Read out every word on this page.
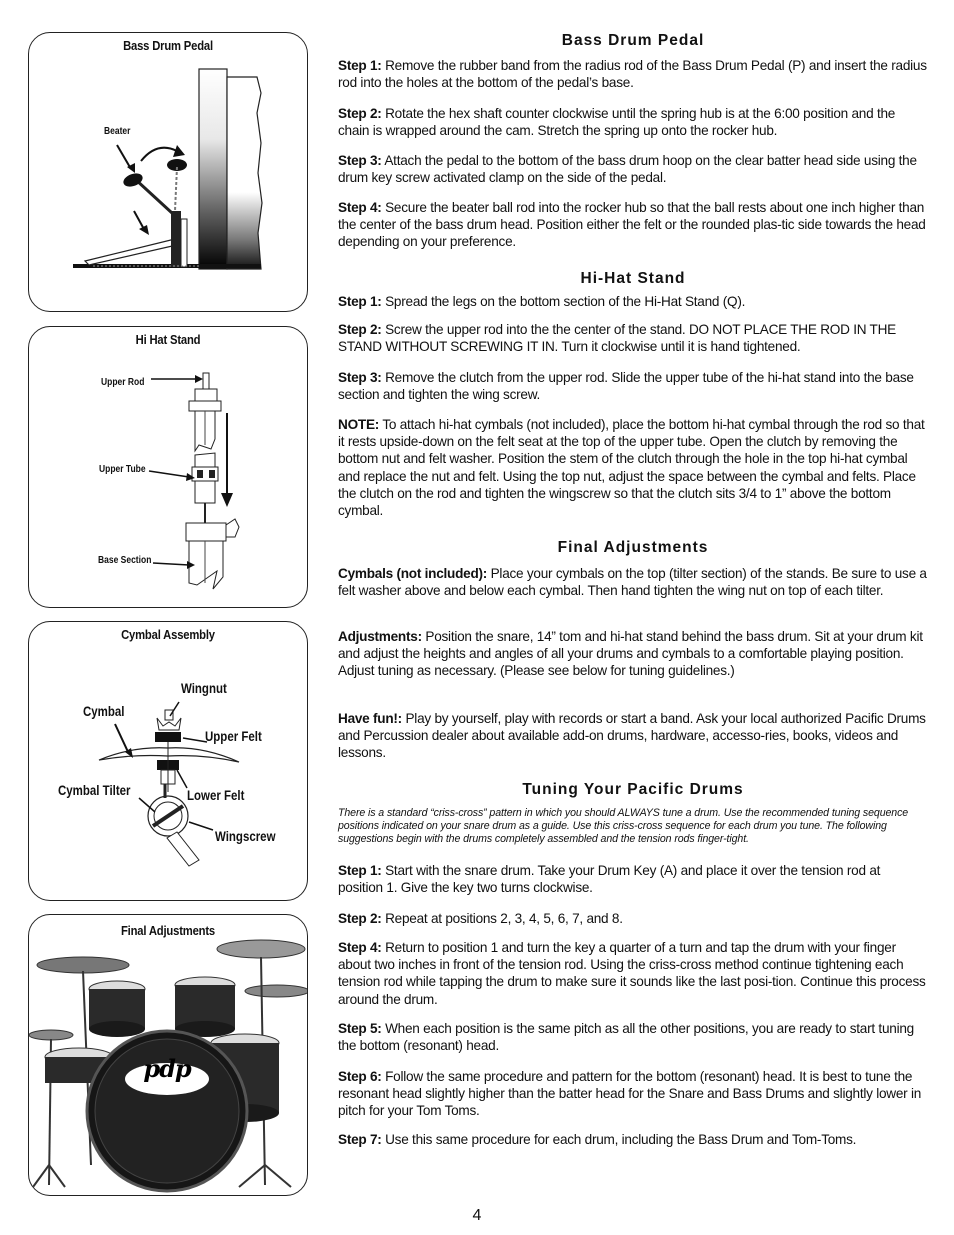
Bass Drum Pedal
Beater
Hi Hat Stand
Upper Rod
Upper Tube
Base Section
Cymbal Assembly
Wingnut
Cymbal
Upper Felt
Cymbal Tilter	Lower Felt
Wingscrew
Final Adjustments
pdp
Bass Drum Pedal

Step 1: Remove the rubber band from the radius rod of the Bass Drum Pedal (P) and insert the radius rod into the holes at the bottom of the pedal’s base.

Step 2: Rotate the hex shaft counter clockwise until the spring hub is at the 6:00 position and the chain is wrapped around the cam. Stretch the spring up onto the rocker hub.

Step 3: Attach the pedal to the bottom of the bass drum hoop on the clear batter head side using the drum key screw activated clamp on the side of the pedal.

Step 4: Secure the beater ball rod into the rocker hub so that the ball rests about one inch higher than the center of the bass drum head. Position either the felt or the rounded plas-tic side towards the head depending on your preference.

Hi-Hat Stand

Step 1: Spread the legs on the bottom section of the Hi-Hat Stand (Q).

Step 2: Screw the upper rod into the the center of the stand. DO NOT PLACE THE ROD IN THE STAND WITHOUT SCREWING IT IN. Turn it clockwise until it is hand tightened.

Step 3: Remove the clutch from the upper rod. Slide the upper tube of the hi-hat stand into the base section and tighten the wing screw.

NOTE: To attach hi-hat cymbals (not included), place the bottom hi-hat cymbal through the rod so that it rests upside-down on the felt seat at the top of the upper tube. Open the clutch by removing the bottom nut and felt washer. Position the stem of the clutch through the hole in the top hi-hat cymbal and replace the nut and felt. Using the top nut, adjust the space between the cymbal and felts. Place the clutch on the rod and tighten the wingscrew so that the clutch sits 3/4 to 1” above the bottom cymbal.

Final Adjustments

Cymbals (not included): Place your cymbals on the top (tilter section) of the stands. Be sure to use a felt washer above and below each cymbal. Then hand tighten the wing nut on top of each tilter.

Adjustments: Position the snare, 14” tom and hi-hat stand behind the bass drum. Sit at your drum kit and adjust the heights and angles of all your drums and cymbals to a comfortable playing position. Adjust tuning as necessary. (Please see below for tuning guidelines.)

Have fun!: Play by yourself, play with records or start a band. Ask your local authorized Pacific Drums and Percussion dealer about available add-on drums, hardware, accesso-ries, books, videos and lessons.

Tuning Your Pacific Drums

There is a standard “criss-cross” pattern in which you should ALWAYS tune a drum. Use the recommended tuning sequence positions indicated on your snare drum as a guide. Use this criss-cross sequence for each drum you tune. The following suggestions begin with the drums completely assembled and the tension rods finger-tight.

Step 1: Start with the snare drum. Take your Drum Key (A) and place it over the tension rod at position 1. Give the key two turns clockwise.

Step 2: Repeat at positions 2, 3, 4, 5, 6, 7, and 8.

Step 4: Return to position 1 and turn the key a quarter of a turn and tap the drum with your finger about two inches in front of the tension rod. Using the criss-cross method continue tightening each tension rod while tapping the drum to make sure it sounds like the last posi-tion. Continue this process around the drum.

Step 5: When each position is the same pitch as all the other positions, you are ready to start tuning the bottom (resonant) head.

Step 6: Follow the same procedure and pattern for the bottom (resonant) head. It is best to tune the resonant head slightly higher than the batter head for the Snare and Bass Drums and slightly lower in pitch for your Tom Toms.

Step 7: Use this same procedure for each drum, including the Bass Drum and Tom-Toms.

4
